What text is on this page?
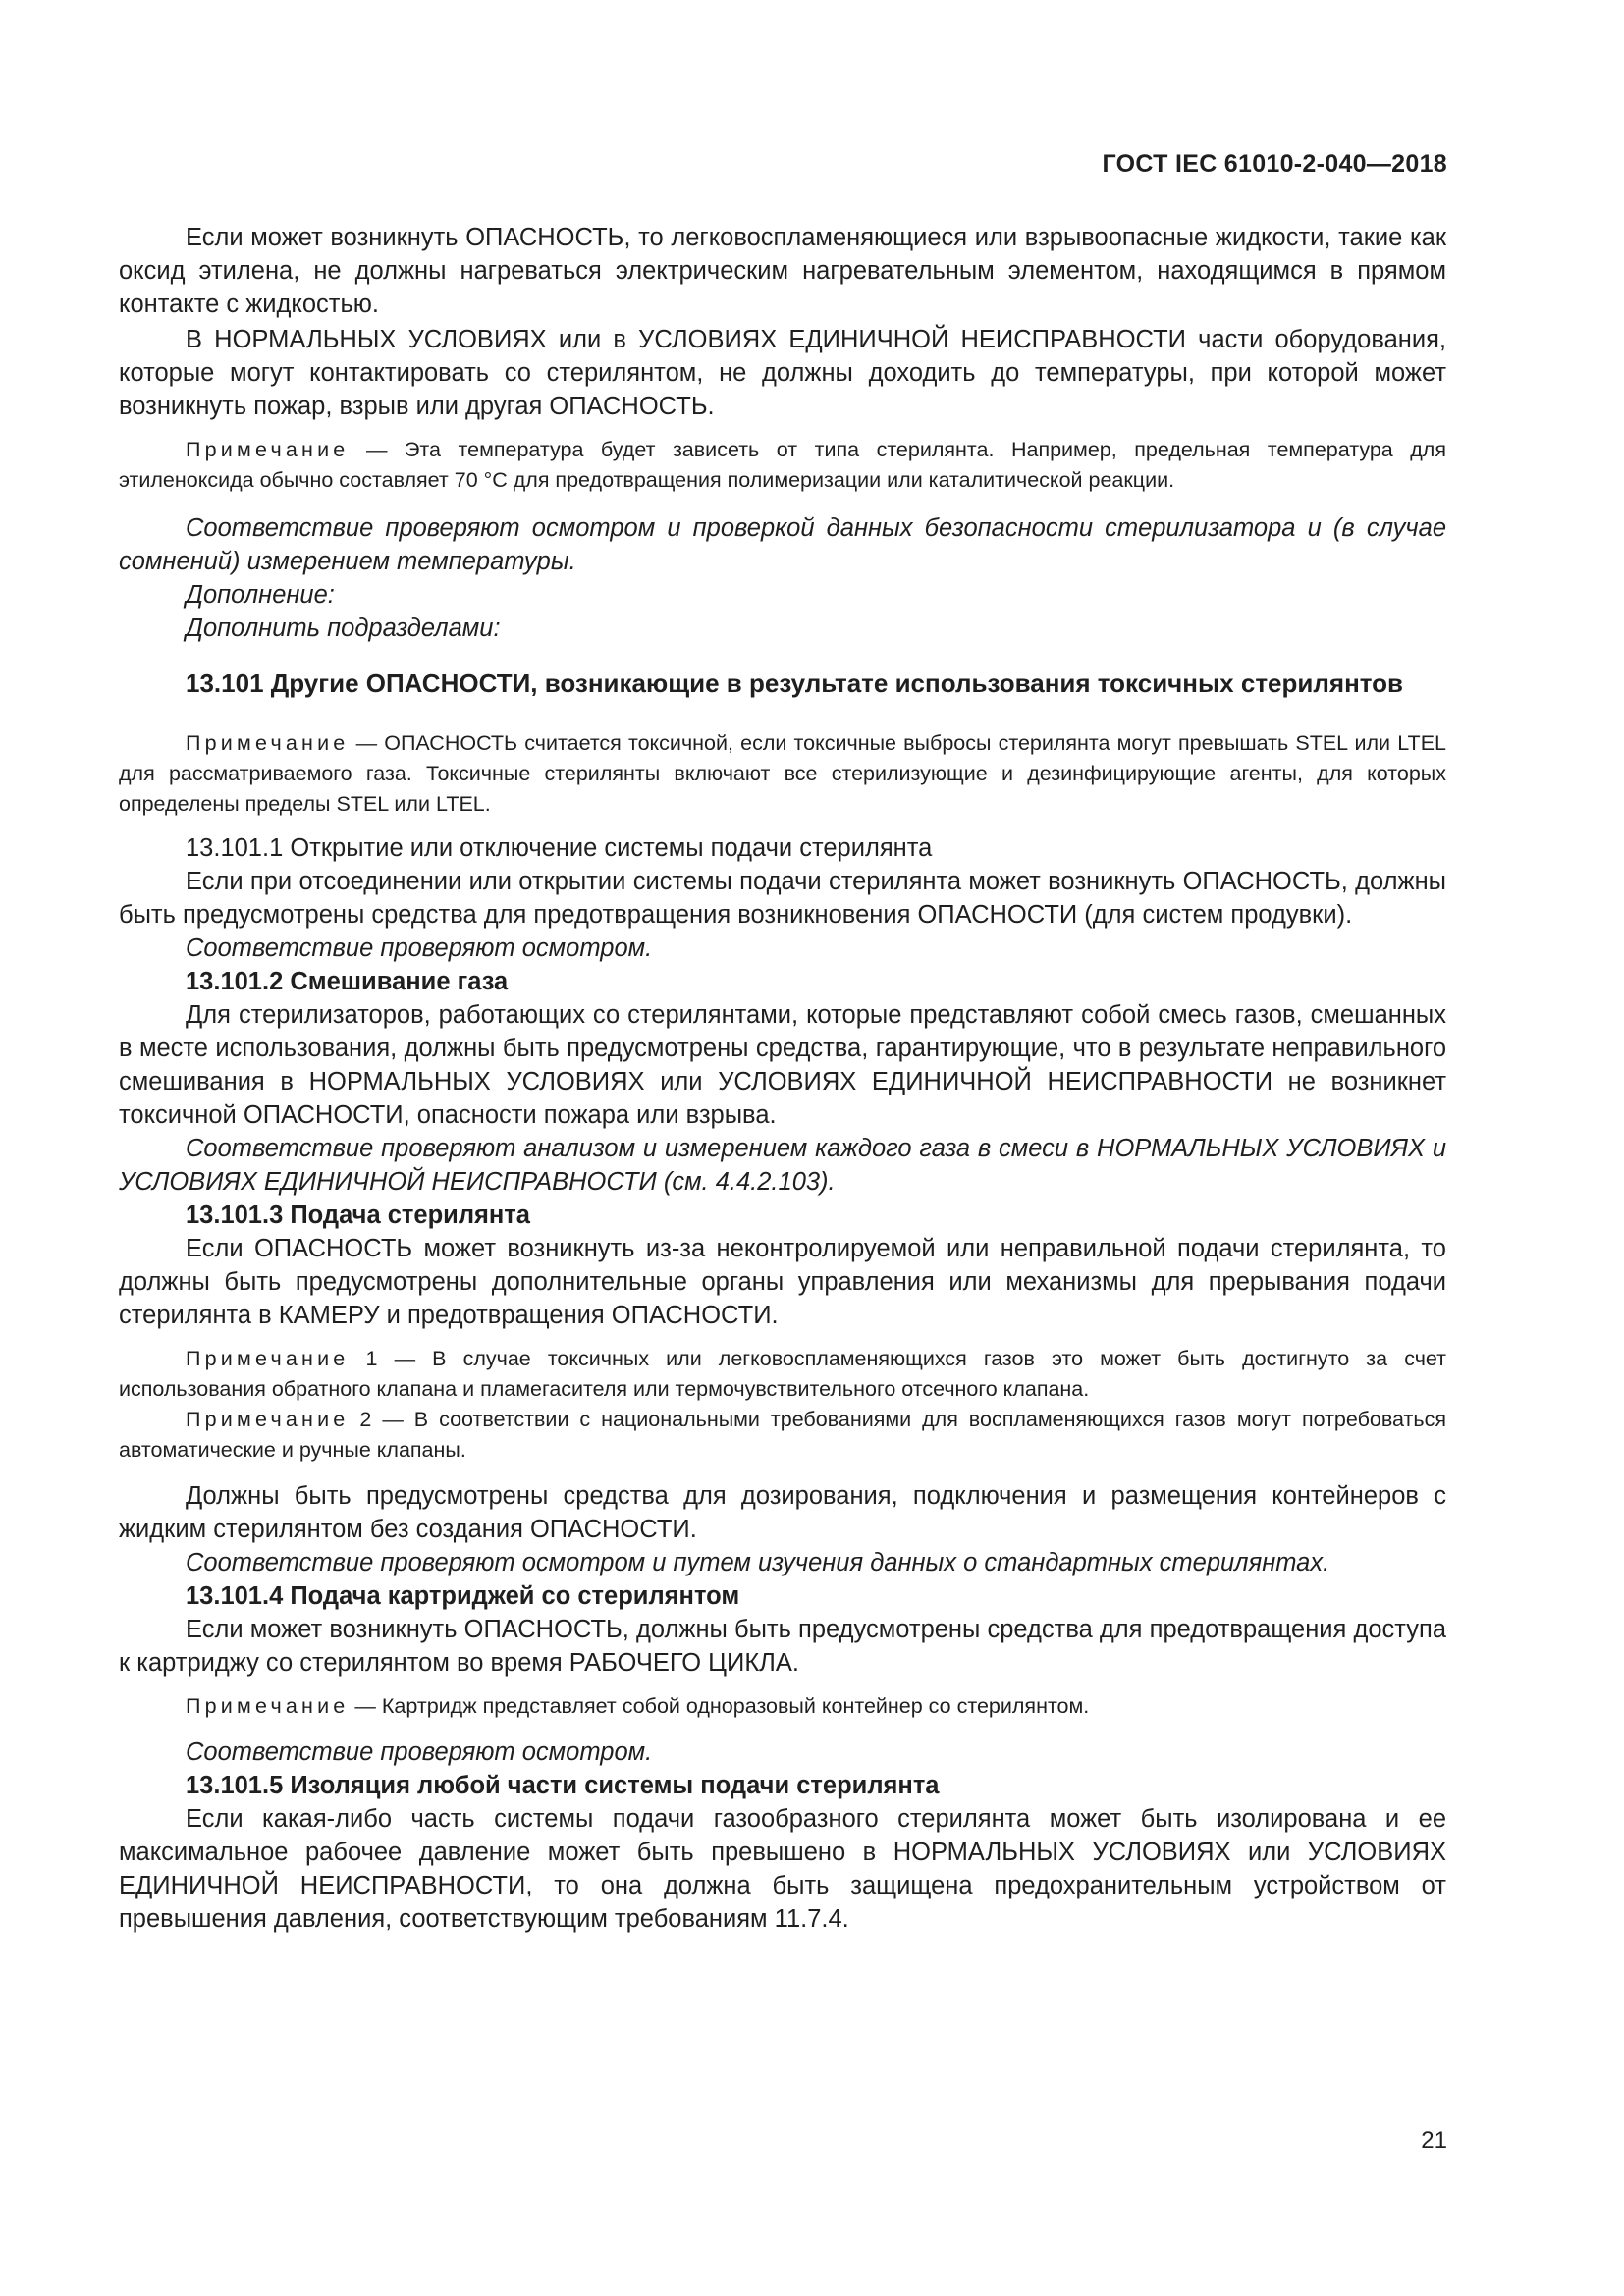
ГОСТ IEC 61010-2-040—2018

Если может возникнуть ОПАСНОСТЬ, то легковоспламеняющиеся или взрывоопасные жидкости, такие как оксид этилена, не должны нагреваться электрическим нагревательным элементом, находящимся в прямом контакте с жидкостью.

В НОРМАЛЬНЫХ УСЛОВИЯХ или в УСЛОВИЯХ ЕДИНИЧНОЙ НЕИСПРАВНОСТИ части оборудования, которые могут контактировать со стерилянтом, не должны доходить до температуры, при которой может возникнуть пожар, взрыв или другая ОПАСНОСТЬ.

Примечание — Эта температура будет зависеть от типа стерилянта. Например, предельная температура для этиленоксида обычно составляет 70 °С для предотвращения полимеризации или каталитической реакции.

Соответствие проверяют осмотром и проверкой данных безопасности стерилизатора и (в случае сомнений) измерением температуры.

Дополнение:

Дополнить подразделами:

13.101 Другие ОПАСНОСТИ, возникающие в результате использования токсичных стерилянтов

Примечание — ОПАСНОСТЬ считается токсичной, если токсичные выбросы стерилянта могут превышать STEL или LTEL для рассматриваемого газа. Токсичные стерилянты включают все стерилизующие и дезинфицирующие агенты, для которых определены пределы STEL или LTEL.

13.101.1 Открытие или отключение системы подачи стерилянта

Если при отсоединении или открытии системы подачи стерилянта может возникнуть ОПАСНОСТЬ, должны быть предусмотрены средства для предотвращения возникновения ОПАСНОСТИ (для систем продувки).

Соответствие проверяют осмотром.

13.101.2 Смешивание газа

Для стерилизаторов, работающих со стерилянтами, которые представляют собой смесь газов, смешанных в месте использования, должны быть предусмотрены средства, гарантирующие, что в результате неправильного смешивания в НОРМАЛЬНЫХ УСЛОВИЯХ или УСЛОВИЯХ ЕДИНИЧНОЙ НЕИСПРАВНОСТИ не возникнет токсичной ОПАСНОСТИ, опасности пожара или взрыва.

Соответствие проверяют анализом и измерением каждого газа в смеси в НОРМАЛЬНЫХ УСЛОВИЯХ и УСЛОВИЯХ ЕДИНИЧНОЙ НЕИСПРАВНОСТИ (см. 4.4.2.103).

13.101.3 Подача стерилянта

Если ОПАСНОСТЬ может возникнуть из-за неконтролируемой или неправильной подачи стерилянта, то должны быть предусмотрены дополнительные органы управления или механизмы для прерывания подачи стерилянта в КАМЕРУ и предотвращения ОПАСНОСТИ.

Примечание 1 — В случае токсичных или легковоспламеняющихся газов это может быть достигнуто за счет использования обратного клапана и пламегасителя или термочувствительного отсечного клапана.

Примечание 2 — В соответствии с национальными требованиями для воспламеняющихся газов могут потребоваться автоматические и ручные клапаны.

Должны быть предусмотрены средства для дозирования, подключения и размещения контейнеров с жидким стерилянтом без создания ОПАСНОСТИ.

Соответствие проверяют осмотром и путем изучения данных о стандартных стерилянтах.

13.101.4 Подача картриджей со стерилянтом

Если может возникнуть ОПАСНОСТЬ, должны быть предусмотрены средства для предотвращения доступа к картриджу со стерилянтом во время РАБОЧЕГО ЦИКЛА.

Примечание — Картридж представляет собой одноразовый контейнер со стерилянтом.

Соответствие проверяют осмотром.

13.101.5 Изоляция любой части системы подачи стерилянта

Если какая-либо часть системы подачи газообразного стерилянта может быть изолирована и ее максимальное рабочее давление может быть превышено в НОРМАЛЬНЫХ УСЛОВИЯХ или УСЛОВИЯХ ЕДИНИЧНОЙ НЕИСПРАВНОСТИ, то она должна быть защищена предохранительным устройством от превышения давления, соответствующим требованиям 11.7.4.

21
